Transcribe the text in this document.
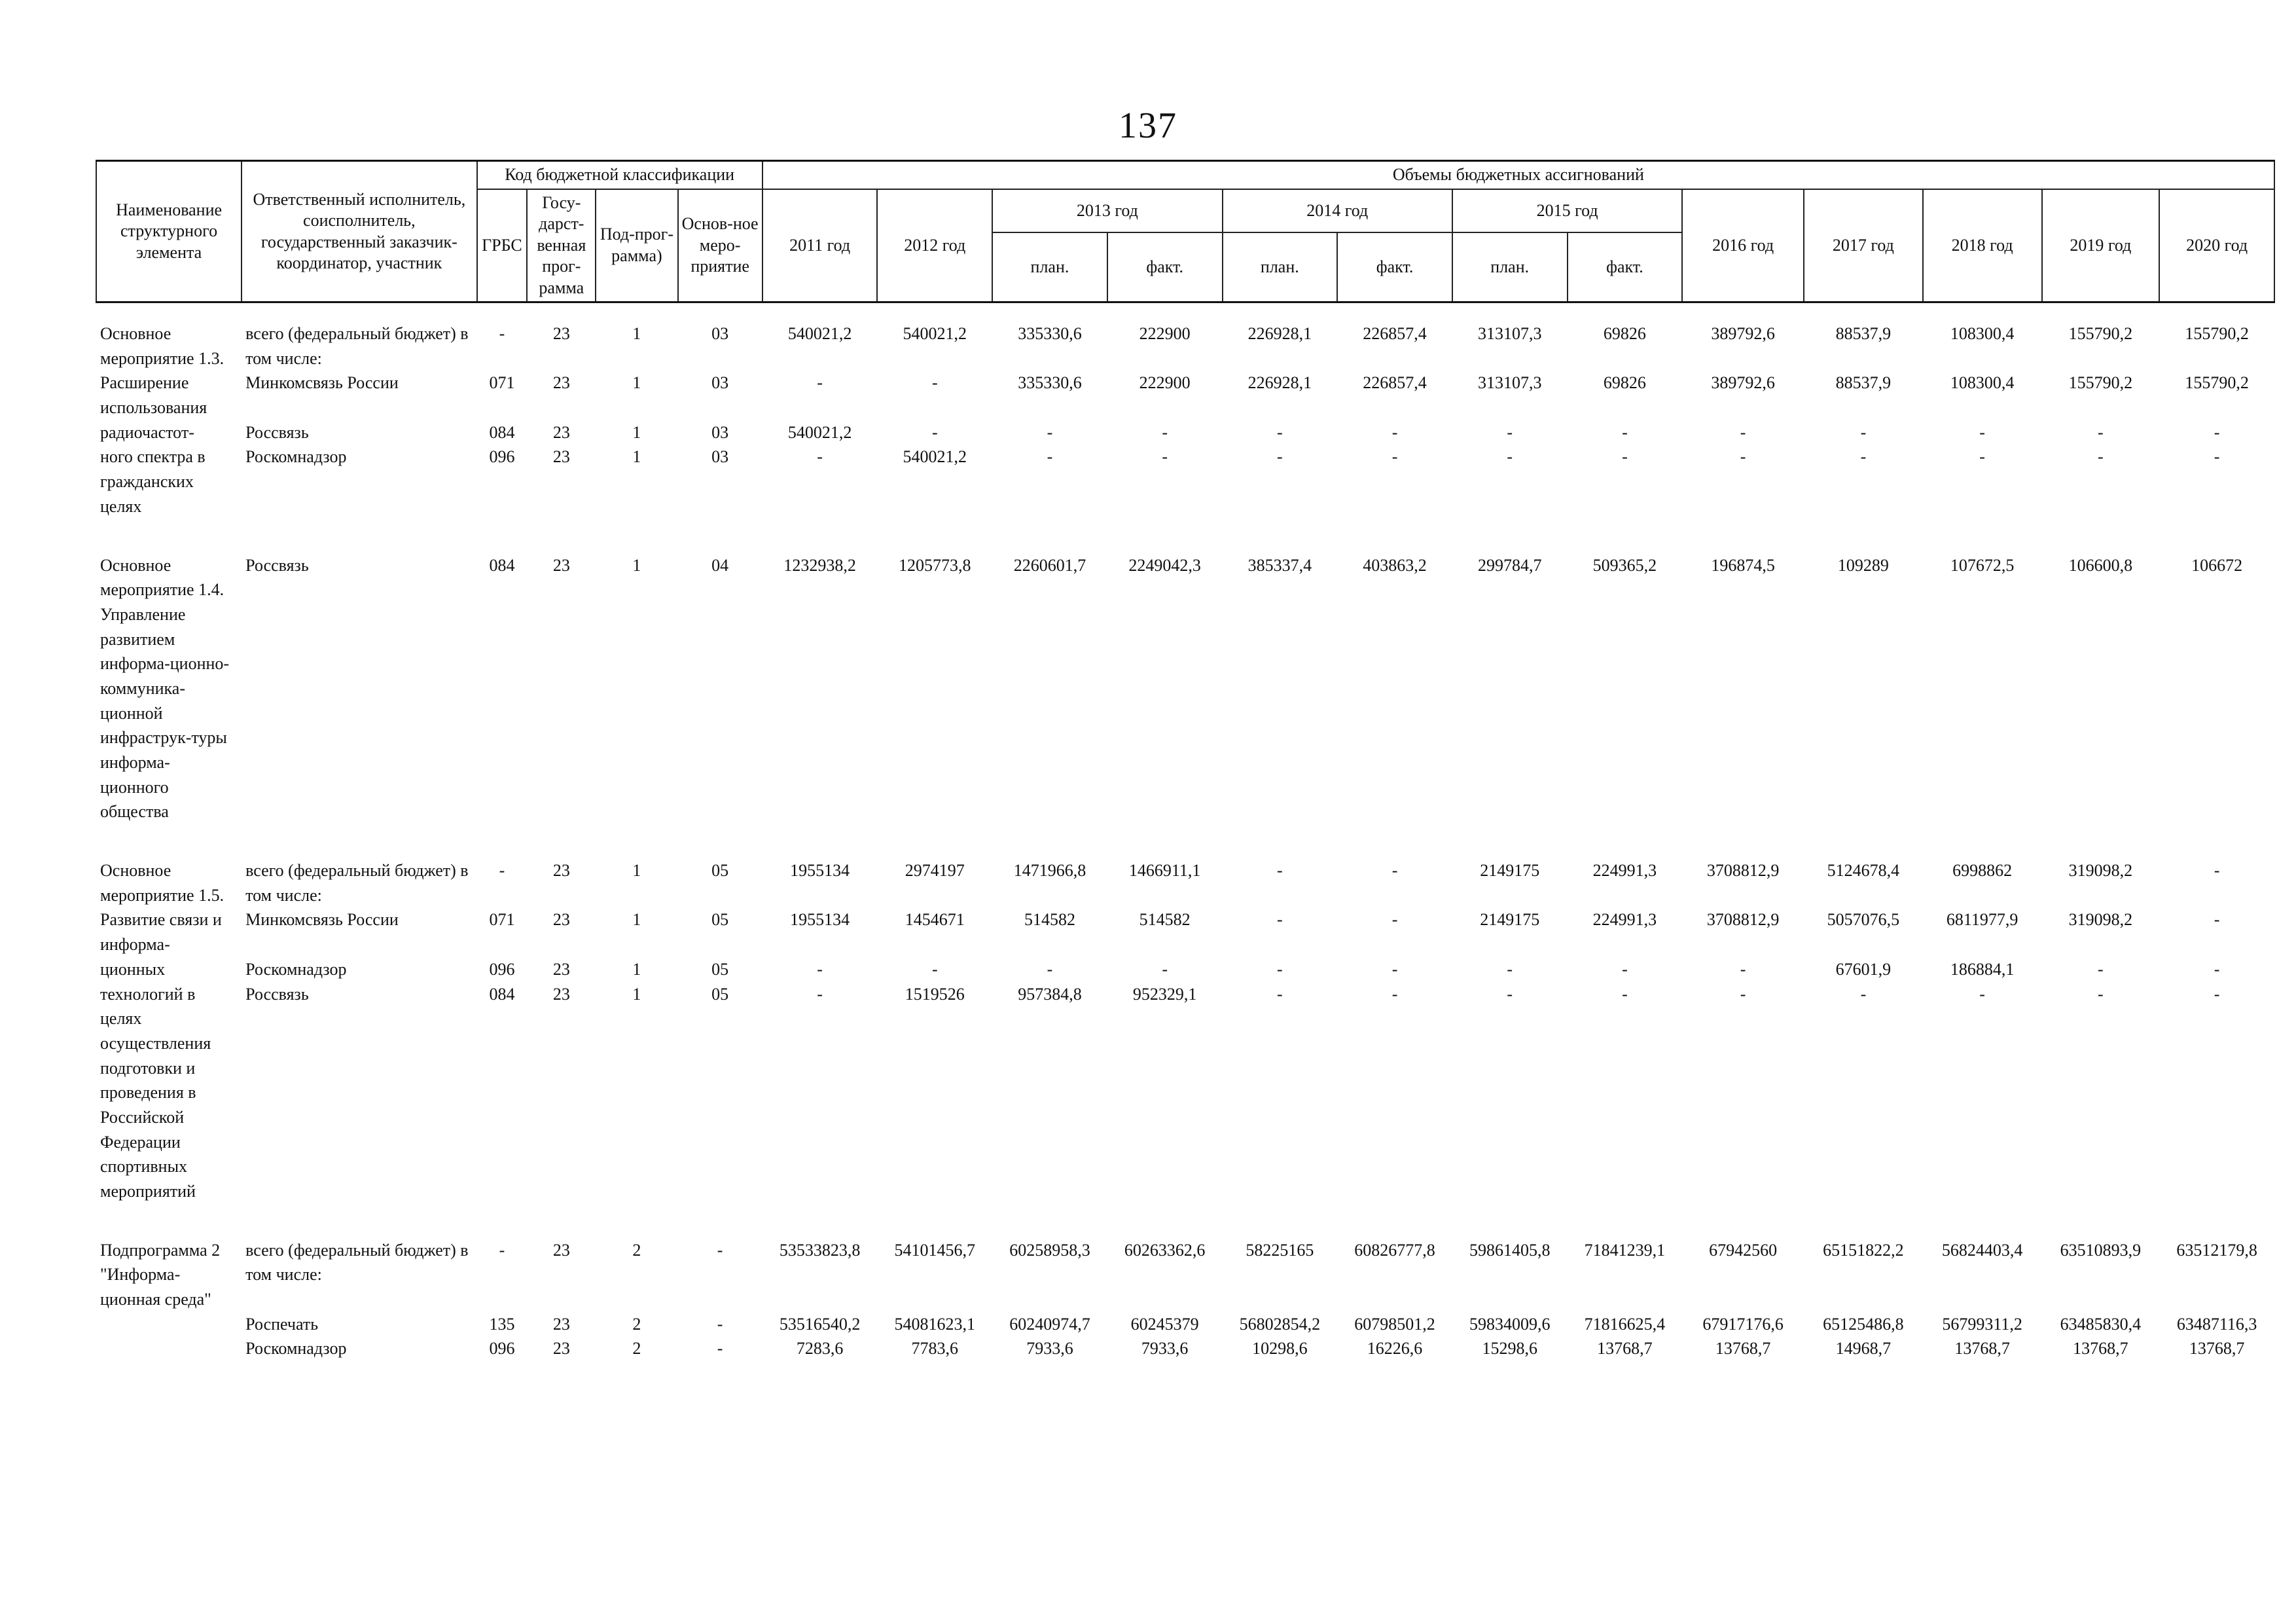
137
Наименование структурного элемента	Ответственный исполнитель, соисполнитель, государственный заказчик-координатор, участник	Код бюджетной классификации				Объемы бюджетных ассигнований												
		ГРБС	Госу-дарст-венная прог-рамма	Под-прог-рамма)	Основ-ное меро-приятие	2011 год	2012 год	2013 год		2014 год		2015 год		2016 год	2017 год	2018 год	2019 год	2020 год
								план.	факт.	план.	факт.	план.	факт.					
Основное мероприятие 1.3.	всего (федеральный бюджет) в том числе:	-	23	1	03	540021,2	540021,2	335330,6	222900	226928,1	226857,4	313107,3	69826	389792,6	88537,9	108300,4	155790,2	155790,2
Расширение использования	Минкомсвязь России	071	23	1	03	-	-	335330,6	222900	226928,1	226857,4	313107,3	69826	389792,6	88537,9	108300,4	155790,2	155790,2
радиочастот-	Россвязь	084	23	1	03	540021,2	-	-	-	-	-	-	-	-	-	-	-	-
ного спектра в гражданских целях	Роскомнадзор	096	23	1	03	-	540021,2	-	-	-	-	-	-	-	-	-	-	-
Основное мероприятие 1.4. Управление развитием информа-ционно-коммуника-ционной инфраструк-туры информа-ционного общества	Россвязь	084	23	1	04	1232938,2	1205773,8	2260601,7	2249042,3	385337,4	403863,2	299784,7	509365,2	196874,5	109289	107672,5	106600,8	106672
Основное мероприятие 1.5.	всего (федеральный бюджет) в том числе:	-	23	1	05	1955134	2974197	1471966,8	1466911,1	-	-	2149175	224991,3	3708812,9	5124678,4	6998862	319098,2	-
Развитие связи и информа-	Минкомсвязь России	071	23	1	05	1955134	1454671	514582	514582	-	-	2149175	224991,3	3708812,9	5057076,5	6811977,9	319098,2	-
ционных	Роскомнадзор	096	23	1	05	-	-	-	-	-	-	-	-	-	67601,9	186884,1	-	-
технологий в целях осуществления подготовки и проведения в Российской Федерации спортивных мероприятий	Россвязь	084	23	1	05	-	1519526	957384,8	952329,1	-	-	-	-	-	-	-	-	-
Подпрограмма 2 "Информа-ционная среда"	всего (федеральный бюджет) в том числе:	-	23	2	-	53533823,8	54101456,7	60258958,3	60263362,6	58225165	60826777,8	59861405,8	71841239,1	67942560	65151822,2	56824403,4	63510893,9	63512179,8
	Роспечать	135	23	2	-	53516540,2	54081623,1	60240974,7	60245379	56802854,2	60798501,2	59834009,6	71816625,4	67917176,6	65125486,8	56799311,2	63485830,4	63487116,3
	Роскомнадзор	096	23	2	-	7283,6	7783,6	7933,6	7933,6	10298,6	16226,6	15298,6	13768,7	13768,7	14968,7	13768,7	13768,7	13768,7
